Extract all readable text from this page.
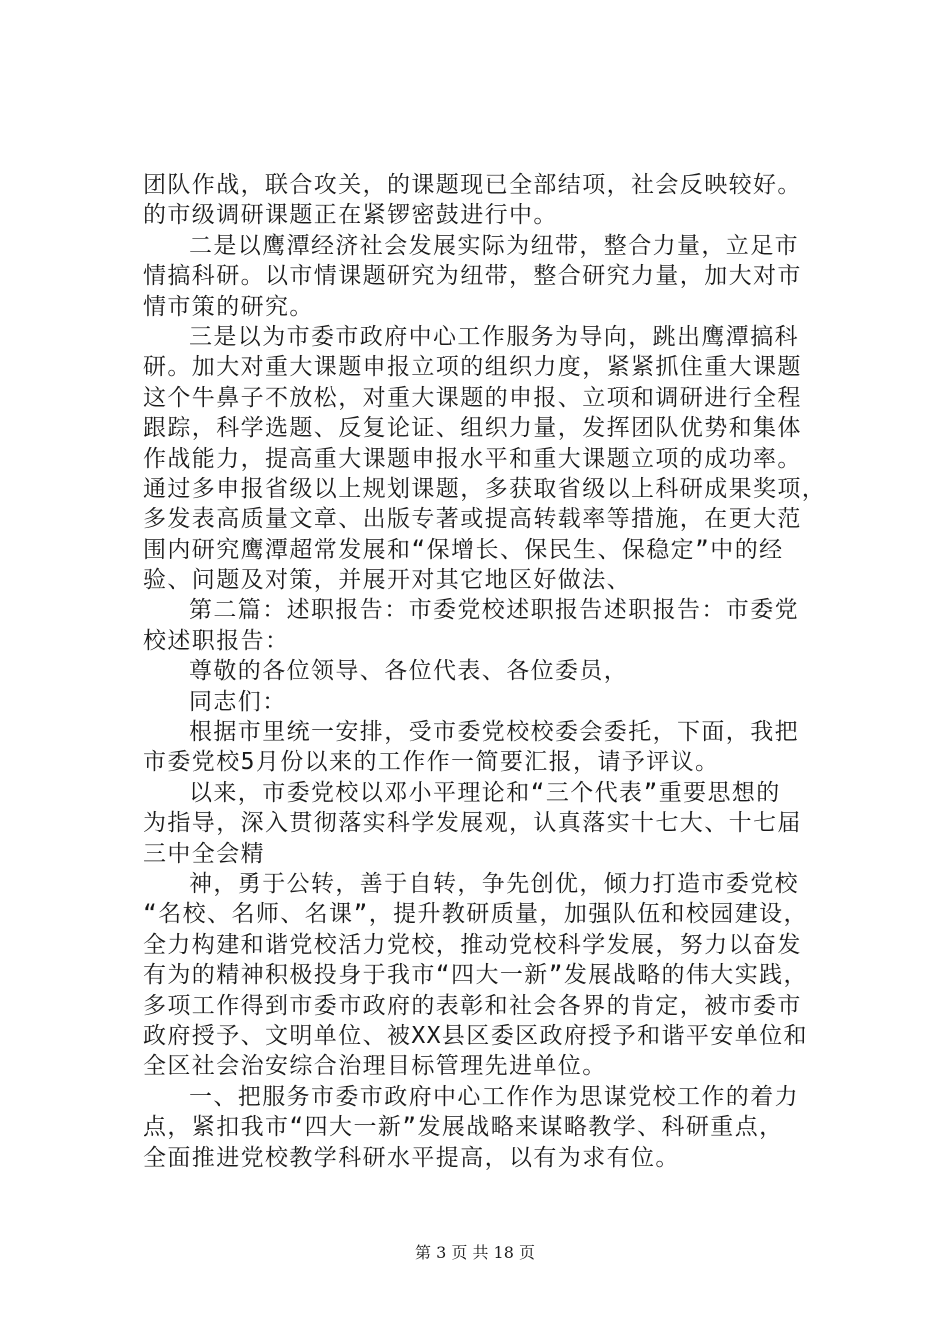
团队作战，联合攻关，的课题现已全部结项，社会反映较好。
的市级调研课题正在紧锣密鼓进行中。
二是以鹰潭经济社会发展实际为纽带，整合力量，立足市
情搞科研。以市情课题研究为纽带，整合研究力量，加大对市
情市策的研究。
三是以为市委市政府中心工作服务为导向，跳出鹰潭搞科
研。加大对重大课题申报立项的组织力度，紧紧抓住重大课题
这个牛鼻子不放松，对重大课题的申报、立项和调研进行全程
跟踪，科学选题、反复论证、组织力量，发挥团队优势和集体
作战能力，提高重大课题申报水平和重大课题立项的成功率。
通过多申报省级以上规划课题，多获取省级以上科研成果奖项，
多发表高质量文章、出版专著或提高转载率等措施，在更大范
围内研究鹰潭超常发展和“保增长、保民生、保稳定”中的经
验、问题及对策，并展开对其它地区好做法、
第二篇：述职报告：市委党校述职报告述职报告：市委党
校述职报告：
尊敬的各位领导、各位代表、各位委员，
同志们：
根据市里统一安排，受市委党校校委会委托，下面，我把
市委党校5月份以来的工作作一简要汇报，请予评议。
以来，市委党校以邓小平理论和“三个代表”重要思想的
为指导，深入贯彻落实科学发展观，认真落实十七大、十七届
三中全会精
神，勇于公转，善于自转，争先创优，倾力打造市委党校
“名校、名师、名课”，提升教研质量，加强队伍和校园建设，
全力构建和谐党校活力党校，推动党校科学发展，努力以奋发
有为的精神积极投身于我市“四大一新”发展战略的伟大实践，
多项工作得到市委市政府的表彰和社会各界的肯定，被市委市
政府授予、文明单位、被XX县区委区政府授予和谐平安单位和
全区社会治安综合治理目标管理先进单位。
一、把服务市委市政府中心工作作为思谋党校工作的着力
点，紧扣我市“四大一新”发展战略来谋略教学、科研重点，
全面推进党校教学科研水平提高，以有为求有位。
第 3 页 共 18 页
